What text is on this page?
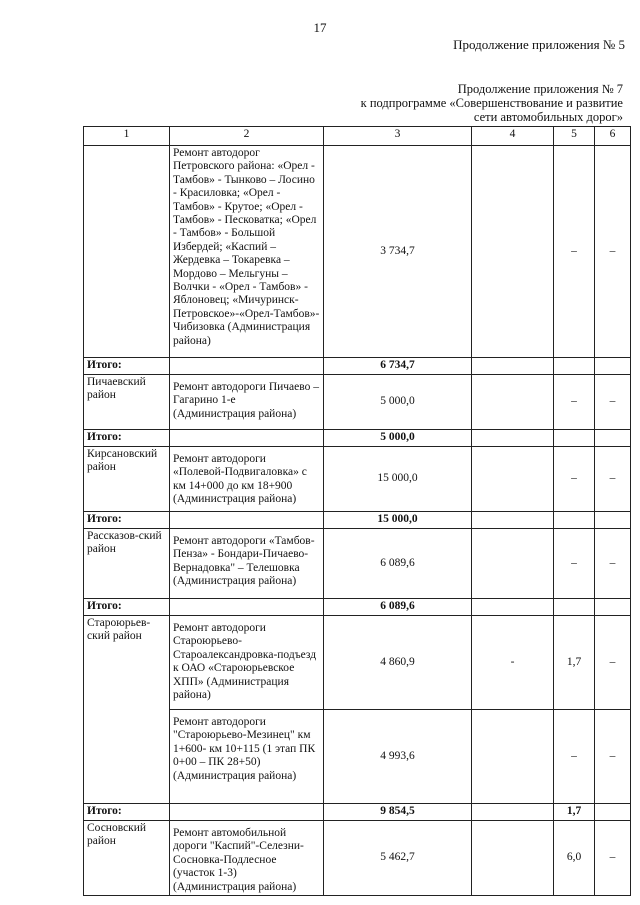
17
Продолжение приложения № 5
Продолжение приложения № 7
к подпрограмме «Совершенствование и развитие
сети автомобильных дорог»
1	2	3	4	5	6
	Ремонт автодорог Петровского района: «Орел - Тамбов» - Тынково – Лосино - Красиловка; «Орел - Тамбов» - Крутое; «Орел - Тамбов» - Песковатка; «Орел - Тамбов» - Большой Избердей; «Каспий – Жердевка – Токаревка – Мордово – Мельгуны – Волчки - «Орел - Тамбов» - Яблоновец; «Мичуринск-Петровское»-«Орел-Тамбов»-Чибизовка (Администрация района)	3 734,7		–	–
Итого:		6 734,7			
Пичаевский район	Ремонт автодороги Пичаево – Гагарино 1-е (Администрация района)	5 000,0		–	–
Итого:		5 000,0			
Кирсановский район	Ремонт автодороги «Полевой-Подвигаловка» с км 14+000 до км 18+900 (Администрация района)	15 000,0		–	–
Итого:		15 000,0			
Рассказов-ский район	Ремонт автодороги «Тамбов-Пенза» - Бондари-Пичаево-Вернадовка" – Телешовка (Администрация района)	6 089,6		–	–
Итого:		6 089,6			
Староюрьев-ский район	Ремонт автодороги Староюрьево-Старoалександровка-подъезд к ОАО «Староюрьевское ХПП» (Администрация района)	4 860,9	-	1,7	–
	Ремонт автодороги "Староюрьево-Мезинец" км 1+600- км 10+115 (1 этап ПК 0+00 – ПК 28+50) (Администрация района)	4 993,6		–	–
Итого:		9 854,5		1,7	
Сосновский район	Ремонт автомобильной дороги "Каспий"-Селезни-Сосновка-Подлесное (участок 1-3) (Администрация района)	5 462,7		6,0	–
